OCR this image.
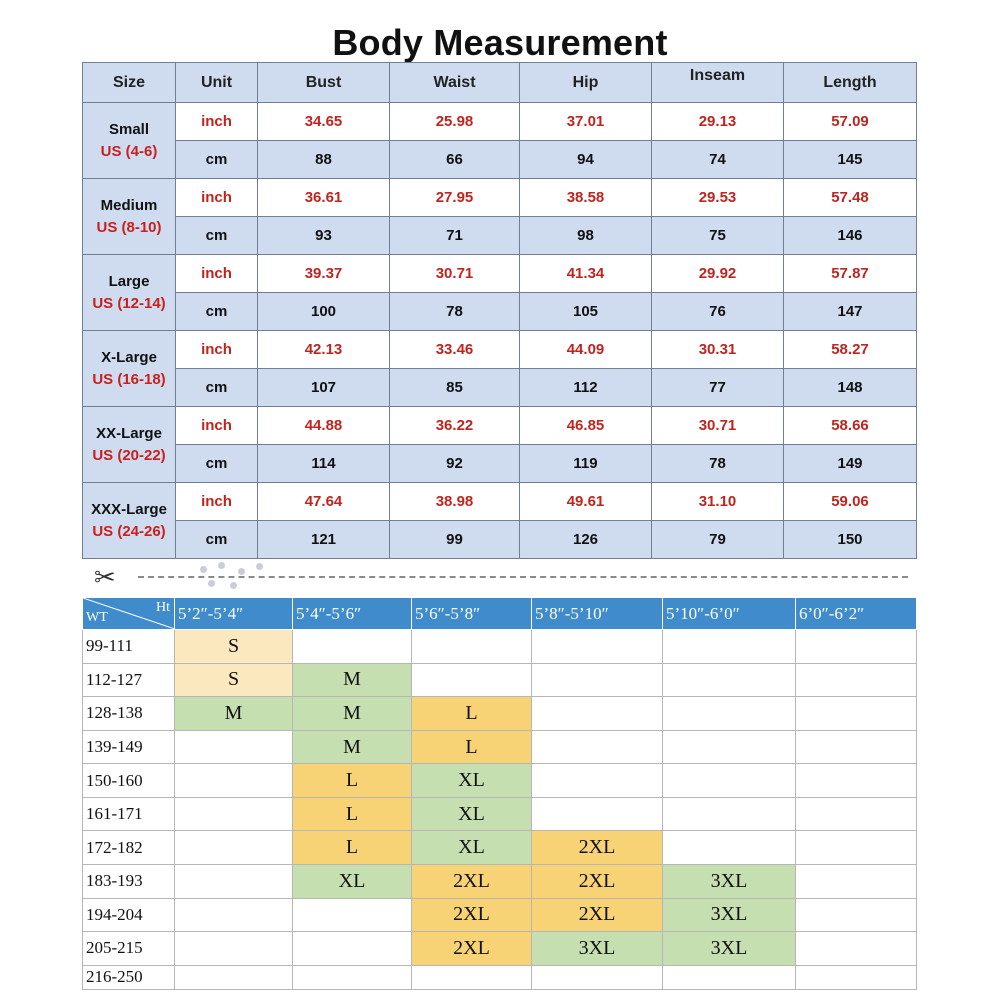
Body Measurement
Size	Unit	Bust	Waist	Hip	Inseam	Length
Small
US (4-6)	inch	34.65	25.98	37.01	29.13	57.09
	cm	88	66	94	74	145
Medium
US (8-10)	inch	36.61	27.95	38.58	29.53	57.48
	cm	93	71	98	75	146
Large
US (12-14)	inch	39.37	30.71	41.34	29.92	57.87
	cm	100	78	105	76	147
X-Large
US (16-18)	inch	42.13	33.46	44.09	30.31	58.27
	cm	107	85	112	77	148
XX-Large
US (20-22)	inch	44.88	36.22	46.85	30.71	58.66
	cm	114	92	119	78	149
XXX-Large
US (24-26)	inch	47.64	38.98	49.61	31.10	59.06
	cm	121	99	126	79	150
✂
WT
Ht	5’2″-5’4″	5’4″-5’6″	5’6″-5’8″	5’8″-5’10″	5’10″-6’0″	6’0″-6’2″
99-111	S					
112-127	S	M				
128-138	M	M	L			
139-149		M	L			
150-160		L	XL			
161-171		L	XL			
172-182		L	XL	2XL		
183-193		XL	2XL	2XL	3XL	
194-204			2XL	2XL	3XL	
205-215			2XL	3XL	3XL	
216-250						
